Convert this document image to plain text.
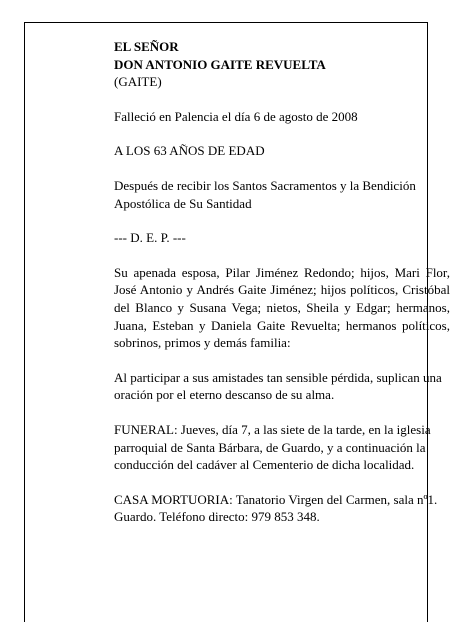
EL SEÑOR

DON ANTONIO GAITE REVUELTA

(GAITE)

Falleció en Palencia el día 6 de agosto de 2008

A LOS 63 AÑOS DE EDAD

Después de recibir los Santos Sacramentos y la Bendición Apostólica de Su Santidad

--- D. E. P. ---

Su apenada esposa, Pilar Jiménez Redondo; hijos, Mari Flor, José Antonio y Andrés Gaite Jiménez; hijos políticos, Cristóbal del Blanco y Susana Vega; nietos, Sheila y Edgar; hermanos, Juana, Esteban y Daniela Gaite Revuelta; hermanos políticos, sobrinos, primos y demás familia:

Al participar a sus amistades tan sensible pérdida, suplican una oración por el eterno descanso de su alma.

FUNERAL: Jueves, día 7, a las siete de la tarde, en la iglesia parroquial de Santa Bárbara, de Guardo, y a continuación la conducción del cadáver al Cementerio de dicha localidad.

CASA MORTUORIA: Tanatorio Virgen del Carmen, sala nº1. Guardo. Teléfono directo: 979 853 348.
